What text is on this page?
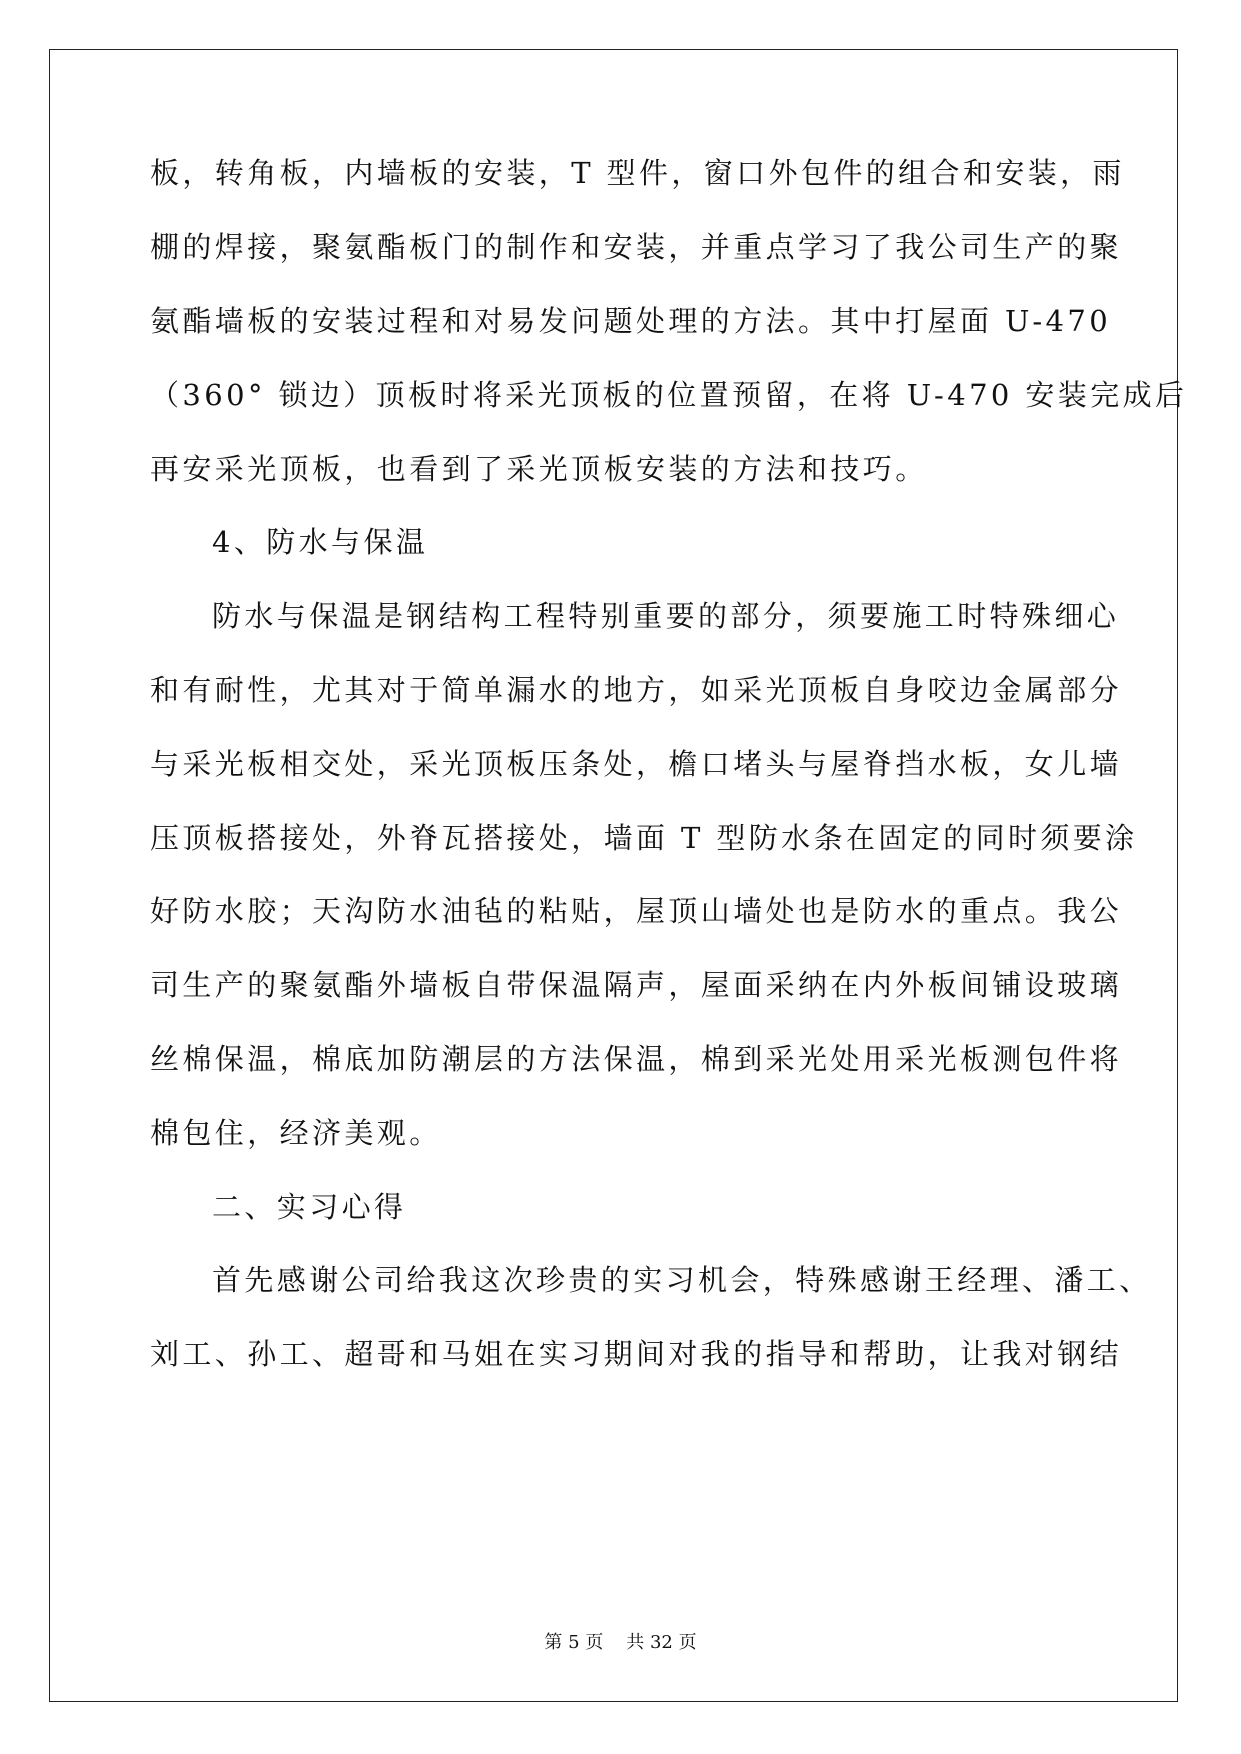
板，转角板，内墙板的安装，T 型件，窗口外包件的组合和安装，雨
棚的焊接，聚氨酯板门的制作和安装，并重点学习了我公司生产的聚
氨酯墙板的安装过程和对易发问题处理的方法。其中打屋面 U-470
（360° 锁边）顶板时将采光顶板的位置预留，在将 U-470 安装完成后
再安采光顶板，也看到了采光顶板安装的方法和技巧。
4、防水与保温
防水与保温是钢结构工程特别重要的部分，须要施工时特殊细心
和有耐性，尤其对于简单漏水的地方，如采光顶板自身咬边金属部分
与采光板相交处，采光顶板压条处，檐口堵头与屋脊挡水板，女儿墙
压顶板搭接处，外脊瓦搭接处，墙面 T 型防水条在固定的同时须要涂
好防水胶；天沟防水油毡的粘贴，屋顶山墙处也是防水的重点。我公
司生产的聚氨酯外墙板自带保温隔声，屋面采纳在内外板间铺设玻璃
丝棉保温，棉底加防潮层的方法保温，棉到采光处用采光板测包件将
棉包住，经济美观。
二、实习心得
首先感谢公司给我这次珍贵的实习机会，特殊感谢王经理、潘工、
刘工、孙工、超哥和马姐在实习期间对我的指导和帮助，让我对钢结
第 5 页 共 32 页
